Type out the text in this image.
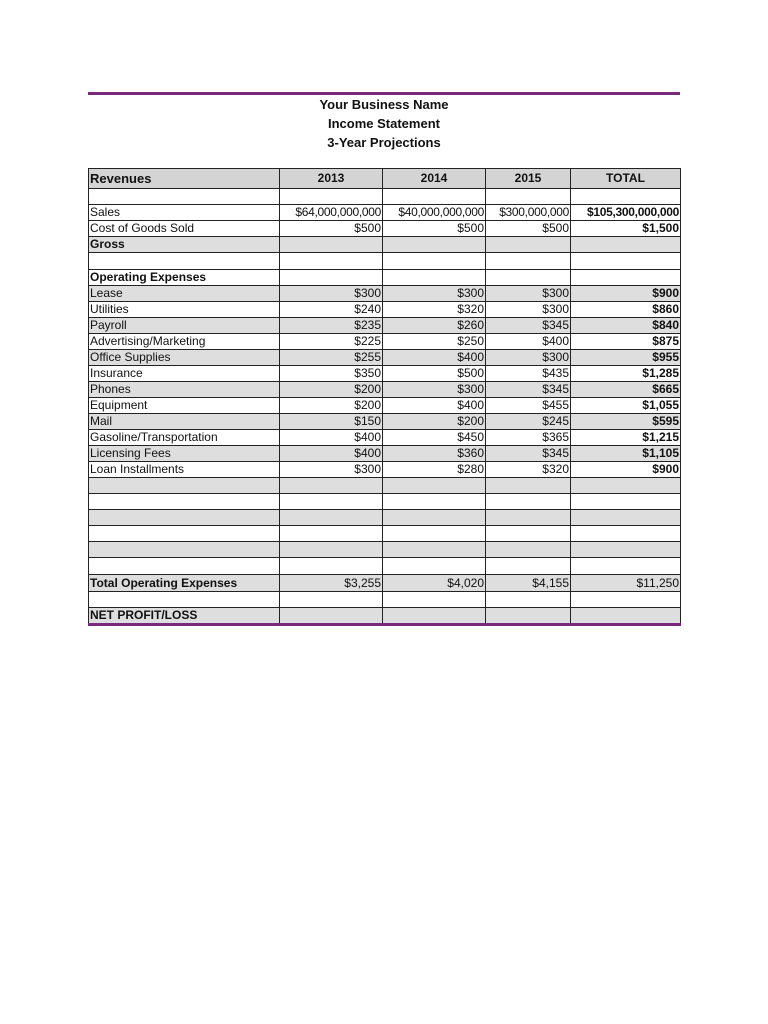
Your Business Name
Income Statement
3-Year Projections
Revenues	2013	2014	2015	TOTAL

Sales	$64,000,000,000	$40,000,000,000	$300,000,000	$105,300,000,000
Cost of Goods Sold	$500	$500	$500	$1,500
Gross				

Operating Expenses				
Lease	$300	$300	$300	$900
Utilities	$240	$320	$300	$860
Payroll	$235	$260	$345	$840
Advertising/Marketing	$225	$250	$400	$875
Office Supplies	$255	$400	$300	$955
Insurance	$350	$500	$435	$1,285
Phones	$200	$300	$345	$665
Equipment	$200	$400	$455	$1,055
Mail	$150	$200	$245	$595
Gasoline/Transportation	$400	$450	$365	$1,215
Licensing Fees	$400	$360	$345	$1,105
Loan Installments	$300	$280	$320	$900

Total Operating Expenses	$3,255	$4,020	$4,155	$11,250

NET PROFIT/LOSS				
